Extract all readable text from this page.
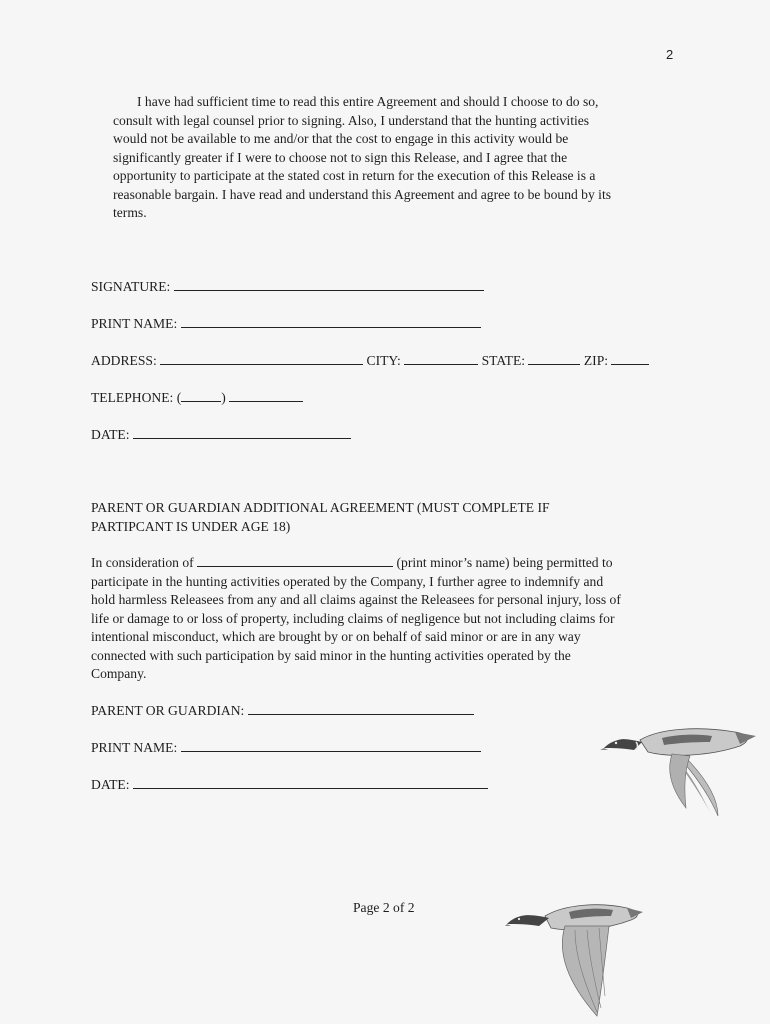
2

I have had sufficient time to read this entire Agreement and should I choose to do so,
consult with legal counsel prior to signing. Also, I understand that the hunting activities
would not be available to me and/or that the cost to engage in this activity would be
significantly greater if I were to choose not to sign this Release, and I agree that the
opportunity to participate at the stated cost in return for the execution of this Release is a
reasonable bargain. I have read and understand this Agreement and agree to be bound by its
terms.

SIGNATURE:

PRINT NAME:

ADDRESS:	CITY:	STATE:	ZIP:

TELEPHONE: (	)

DATE:

PARENT OR GUARDIAN ADDITIONAL AGREEMENT (MUST COMPLETE IF
PARTIPCANT IS UNDER AGE 18)

In consideration of	(print minor’s name) being permitted to
participate in the hunting activities operated by the Company, I further agree to indemnify and
hold harmless Releasees from any and all claims against the Releasees for personal injury, loss of
life or damage to or loss of property, including claims of negligence but not including claims for
intentional misconduct, which are brought by or on behalf of said minor or are in any way
connected with such participation by said minor in the hunting activities operated by the
Company.

PARENT OR GUARDIAN:

PRINT NAME:

DATE:

Page 2 of 2
